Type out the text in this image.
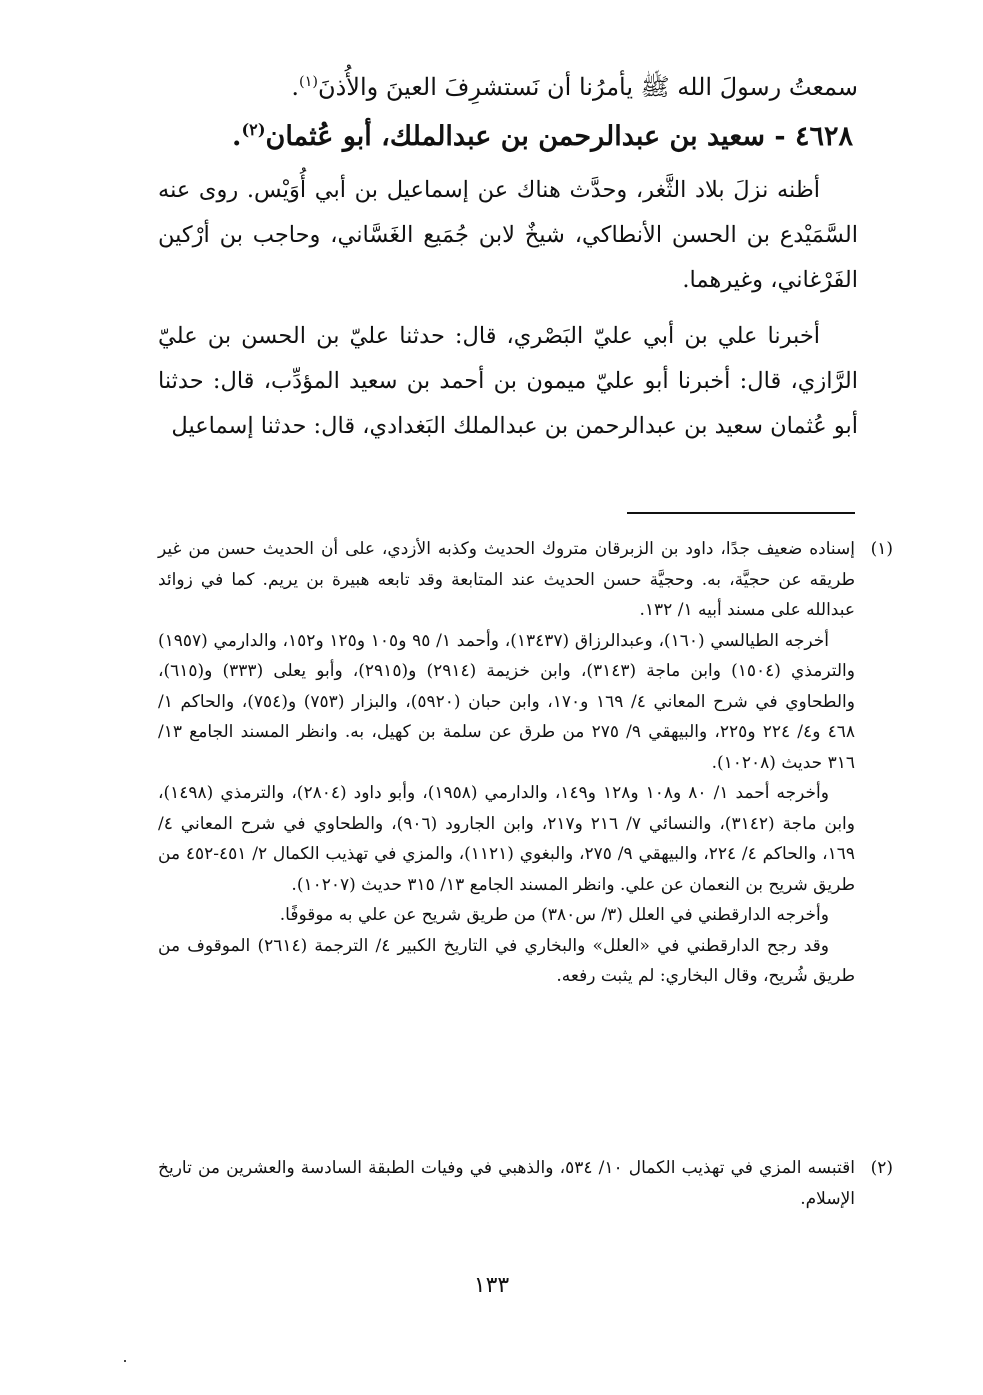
سمعتُ رسولَ الله ﷺ يأمرُنا أن نَستشرِفَ العينَ والأُذنَ$^{(١)}$.
٤٦٢٨ - سعيد بن عبدالرحمن بن عبدالملك، أبو عُثمان$^{(٢)}$.

أظنه نزلَ بلاد الثَّغر، وحدَّث هناك عن إسماعيل بن أبي أُوَيْس. روى عنه السَّمَيْدع بن الحسن الأنطاكي، شيخٌ لابن جُمَيع الغَسَّاني، وحاجب بن أرْكين الفَرْغاني، وغيرهما.

أخبرنا علي بن أبي عليّ البَصْري، قال: حدثنا عليّ بن الحسن بن عليّ الرَّازي، قال: أخبرنا أبو عليّ ميمون بن أحمد بن سعيد المؤدِّب، قال: حدثنا أبو عُثمان سعيد بن عبدالرحمن بن عبدالملك البَغدادي، قال: حدثنا إسماعيل

(١)

إسناده ضعيف جدًا، داود بن الزبرقان متروك الحديث وكذبه الأزدي، على أن الحديث حسن من غير طريقه عن حجيَّة، به. وحجيَّة حسن الحديث عند المتابعة وقد تابعه هبيرة بن يريم. كما في زوائد عبدالله على مسند أبيه ١/ ١٣٢.

أخرجه الطيالسي (١٦٠)، وعبدالرزاق (١٣٤٣٧)، وأحمد ١/ ٩٥ و١٠٥ و١٢٥ و١٥٢، والدارمي (١٩٥٧) والترمذي (١٥٠٤) وابن ماجة (٣١٤٣)، وابن خزيمة (٢٩١٤) و(٢٩١٥)، وأبو يعلى (٣٣٣) و(٦١٥)، والطحاوي في شرح المعاني ٤/ ١٦٩ و١٧٠، وابن حبان (٥٩٢٠)، والبزار (٧٥٣) و(٧٥٤)، والحاكم ١/ ٤٦٨ و٤/ ٢٢٤ و٢٢٥، والبيهقي ٩/ ٢٧٥ من طرق عن سلمة بن كهيل، به. وانظر المسند الجامع ١٣/ ٣١٦ حديث (١٠٢٠٨).

وأخرجه أحمد ١/ ٨٠ و١٠٨ و١٢٨ و١٤٩، والدارمي (١٩٥٨)، وأبو داود (٢٨٠٤)، والترمذي (١٤٩٨)، وابن ماجة (٣١٤٢)، والنسائي ٧/ ٢١٦ و٢١٧، وابن الجارود (٩٠٦)، والطحاوي في شرح المعاني ٤/ ١٦٩، والحاكم ٤/ ٢٢٤، والبيهقي ٩/ ٢٧٥، والبغوي (١١٢١)، والمزي في تهذيب الكمال ٢/ ٤٥١-٤٥٢ من طريق شريح بن النعمان عن علي. وانظر المسند الجامع ١٣/ ٣١٥ حديث (١٠٢٠٧).

وأخرجه الدارقطني في العلل (٣/ س٣٨٠) من طريق شريح عن علي به موقوفًا.

وقد رجح الدارقطني في «العلل» والبخاري في التاريخ الكبير ٤/ الترجمة (٢٦١٤) الموقوف من طريق شُريح، وقال البخاري: لم يثبت رفعه.

(٢)

اقتبسه المزي في تهذيب الكمال ١٠/ ٥٣٤، والذهبي في وفيات الطبقة السادسة والعشرين من تاريخ الإسلام.

١٣٣
